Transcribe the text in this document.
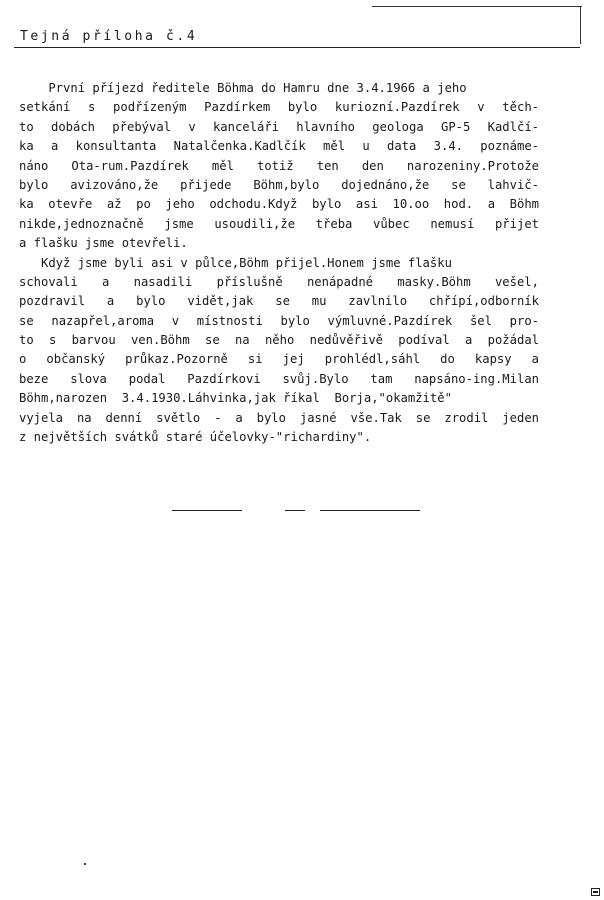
Tejná příloha č.4
První příjezd ředitele Böhma do Hamru dne 3.4.1966 a jeho
setkání s podřízeným Pazdírkem bylo kuriozní.Pazdírek v těch-
to dobách přebýval v kanceláři hlavního geologa GP-5 Kadlčí-
ka a konsultanta Natalčenka.Kadlčík měl u data 3.4. poznáme-
náno Ota-rum.Pazdírek měl totiž ten den narozeniny.Protože
bylo avizováno,že přijede Böhm,bylo dojednáno,že se lahvič-
ka otevře až po jeho odchodu.Když bylo asi 10.oo hod. a Böhm
nikde,jednoznačně jsme usoudili,že třeba vůbec nemusí přijet
a flašku jsme otevřeli.
Když jsme byli asi v půlce,Böhm přijel.Honem jsme flašku
schovali a nasadili příslušně nenápadné masky.Böhm vešel,
pozdravil a bylo vidět,jak se mu zavlnilo chřípí,odborník
se nazapřel,aroma v místnosti bylo výmluvné.Pazdírek šel pro-
to s barvou ven.Böhm se na něho nedůvěřivě podíval a požádal
o občanský průkaz.Pozorně si jej prohlédl,sáhl do kapsy a
beze slova podal Pazdírkovi svůj.Bylo tam napsáno-ing.Milan
Böhm,narozen  3.4.1930.Láhvinka,jak říkal  Borja,"okamžitě"
vyjela na denní světlo - a bylo jasné vše.Tak se zrodil jeden
z největších svátků staré účelovky-"richardiny".
